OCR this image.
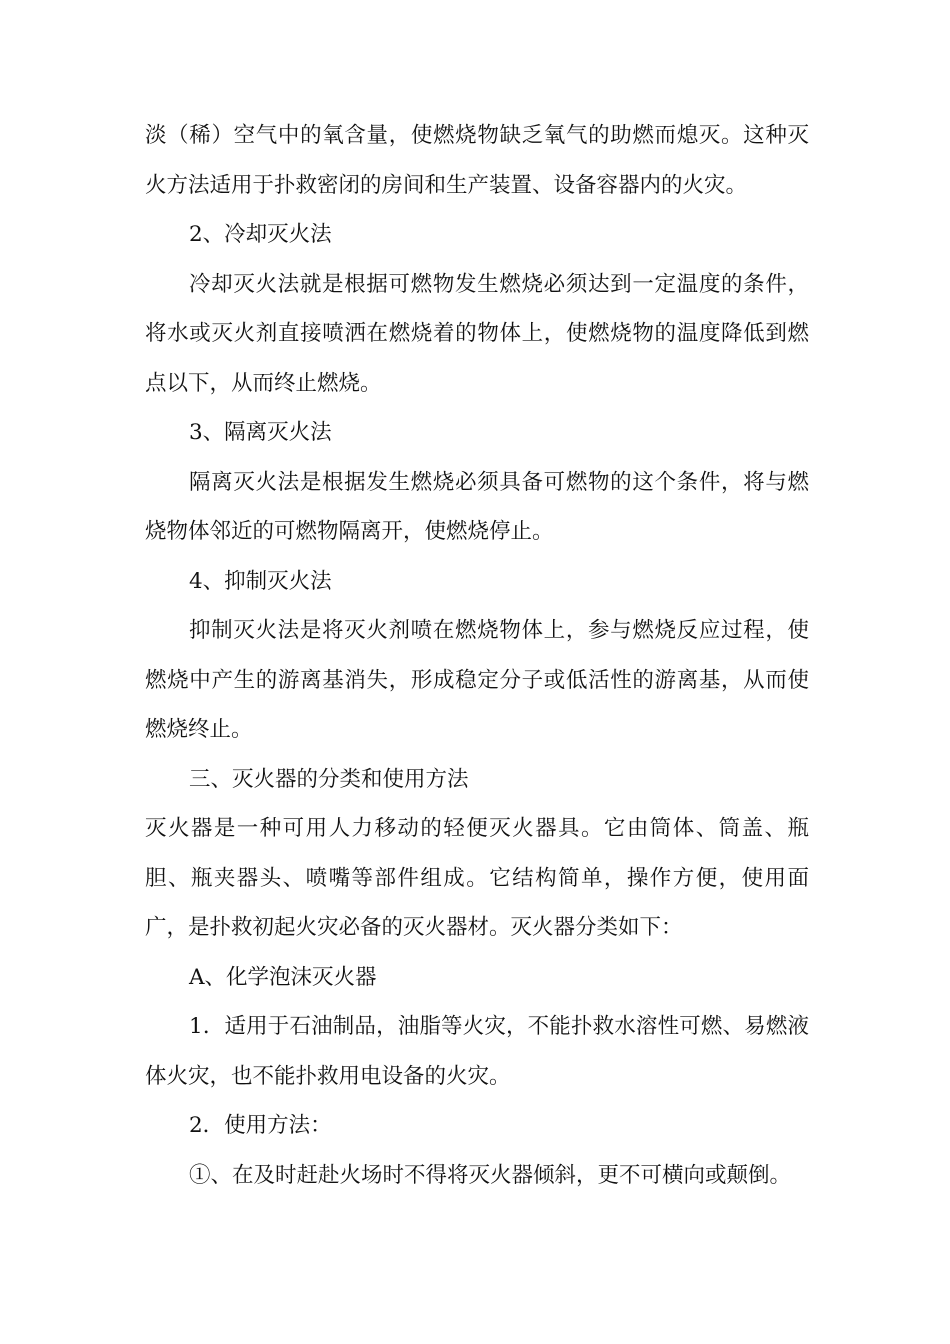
淡（稀）空气中的氧含量，使燃烧物缺乏氧气的助燃而熄灭。这种灭火方法适用于扑救密闭的房间和生产装置、设备容器内的火灾。

2、冷却灭火法

冷却灭火法就是根据可燃物发生燃烧必须达到一定温度的条件，将水或灭火剂直接喷洒在燃烧着的物体上，使燃烧物的温度降低到燃点以下，从而终止燃烧。

3、隔离灭火法

隔离灭火法是根据发生燃烧必须具备可燃物的这个条件，将与燃烧物体邻近的可燃物隔离开，使燃烧停止。

4、抑制灭火法

抑制灭火法是将灭火剂喷在燃烧物体上，参与燃烧反应过程，使燃烧中产生的游离基消失，形成稳定分子或低活性的游离基，从而使燃烧终止。

三、灭火器的分类和使用方法

灭火器是一种可用人力移动的轻便灭火器具。它由筒体、筒盖、瓶胆、瓶夹器头、喷嘴等部件组成。它结构简单，操作方便，使用面广，是扑救初起火灾必备的灭火器材。灭火器分类如下：

A、化学泡沫灭火器

1．适用于石油制品，油脂等火灾，不能扑救水溶性可燃、易燃液体火灾，也不能扑救用电设备的火灾。

2．使用方法：

①、在及时赶赴火场时不得将灭火器倾斜，更不可横向或颠倒。
